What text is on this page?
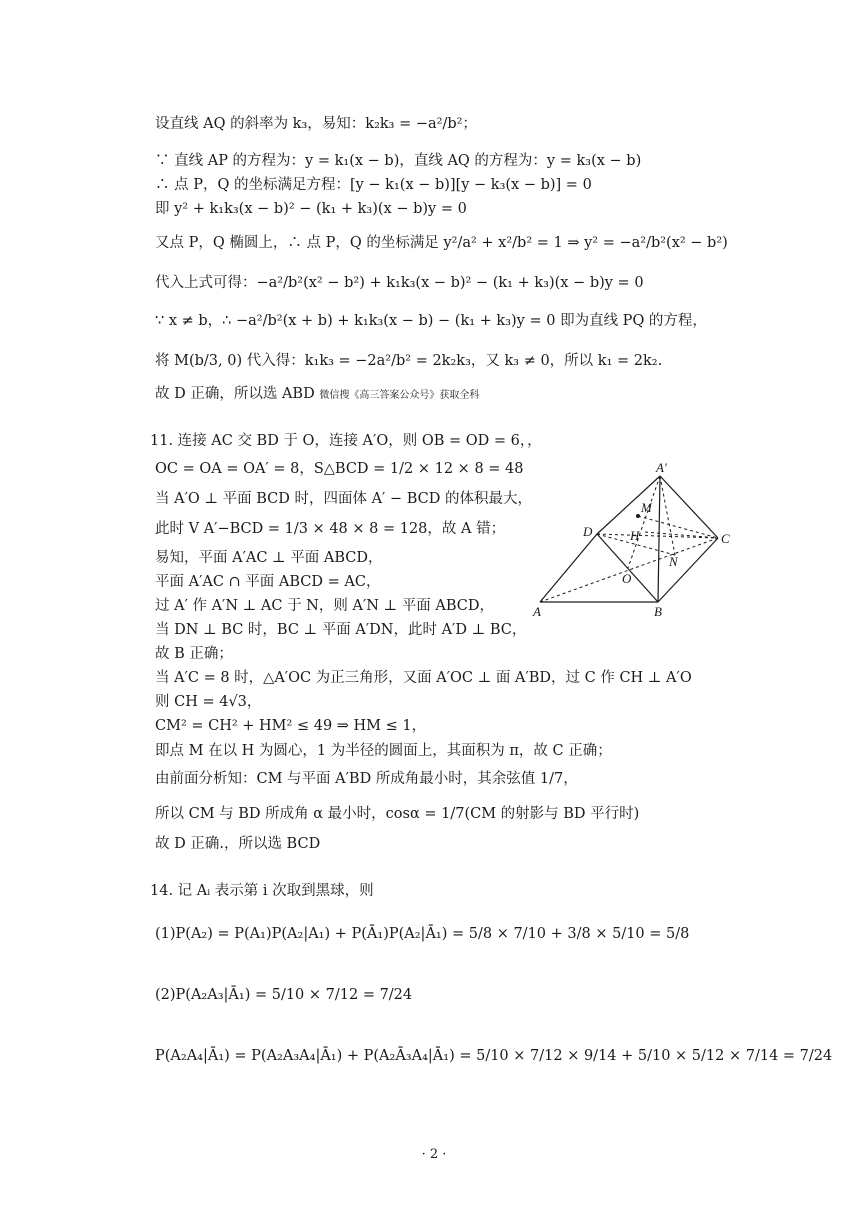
设直线 AQ 的斜率为 k₃，易知：k₂k₃ = −a²/b²；
∵ 直线 AP 的方程为：y = k₁(x − b)，直线 AQ 的方程为：y = k₃(x − b)
∴ 点 P，Q 的坐标满足方程：[y − k₁(x − b)][y − k₃(x − b)] = 0
即 y² + k₁k₃(x − b)² − (k₁ + k₃)(x − b)y = 0
又点 P，Q 椭圆上，∴ 点 P，Q 的坐标满足 y²/a² + x²/b² = 1 ⇒ y² = −a²/b²(x² − b²)
代入上式可得：−a²/b²(x² − b²) + k₁k₃(x − b)² − (k₁ + k₃)(x − b)y = 0
∵ x ≠ b，∴ −a²/b²(x + b) + k₁k₃(x − b) − (k₁ + k₃)y = 0 即为直线 PQ 的方程，
将 M(b/3, 0) 代入得：k₁k₃ = −2a²/b² = 2k₂k₃，又 k₃ ≠ 0，所以 k₁ = 2k₂.
故 D 正确，所以选 ABD 微信搜《高三答案公众号》获取全科
11. 连接 AC 交 BD 于 O，连接 A′O，则 OB = OD = 6，，
OC = OA = OA′ = 8，S△BCD = 1/2 × 12 × 8 = 48
当 A′O ⊥ 平面 BCD 时，四面体 A′ − BCD 的体积最大，
此时 V A′−BCD = 1/3 × 48 × 8 = 128，故 A 错；
易知，平面 A′AC ⊥ 平面 ABCD，
平面 A′AC ∩ 平面 ABCD = AC，
过 A′ 作 A′N ⊥ AC 于 N，则 A′N ⊥ 平面 ABCD，
当 DN ⊥ BC 时，BC ⊥ 平面 A′DN，此时 A′D ⊥ BC，
故 B 正确；
当 A′C = 8 时，△A′OC 为正三角形，又面 A′OC ⊥ 面 A′BD，过 C 作 CH ⊥ A′O
则 CH = 4√3，
CM² = CH² + HM² ≤ 49 ⇒ HM ≤ 1，
即点 M 在以 H 为圆心，1 为半径的圆面上，其面积为 π，故 C 正确；
由前面分析知：CM 与平面 A′BD 所成角最小时，其余弦值 1/7，
所以 CM 与 BD 所成角 α 最小时，cosα = 1/7(CM 的射影与 BD 平行时)
故 D 正确.，所以选 BCD
14. 记 Aᵢ 表示第 i 次取到黑球，则
(1)P(A₂) = P(A₁)P(A₂|A₁) + P(Ā₁)P(A₂|Ā₁) = 5/8 × 7/10 + 3/8 × 5/10 = 5/8
(2)P(A₂A₃|Ā₁) = 5/10 × 7/12 = 7/24
P(A₂A₄|Ā₁) = P(A₂A₃A₄|Ā₁) + P(A₂Ā₃A₄|Ā₁) = 5/10 × 7/12 × 9/14 + 5/10 × 5/12 × 7/14 = 7/24
A′
D	C
A	B
O
H
N
M
· 2 ·
